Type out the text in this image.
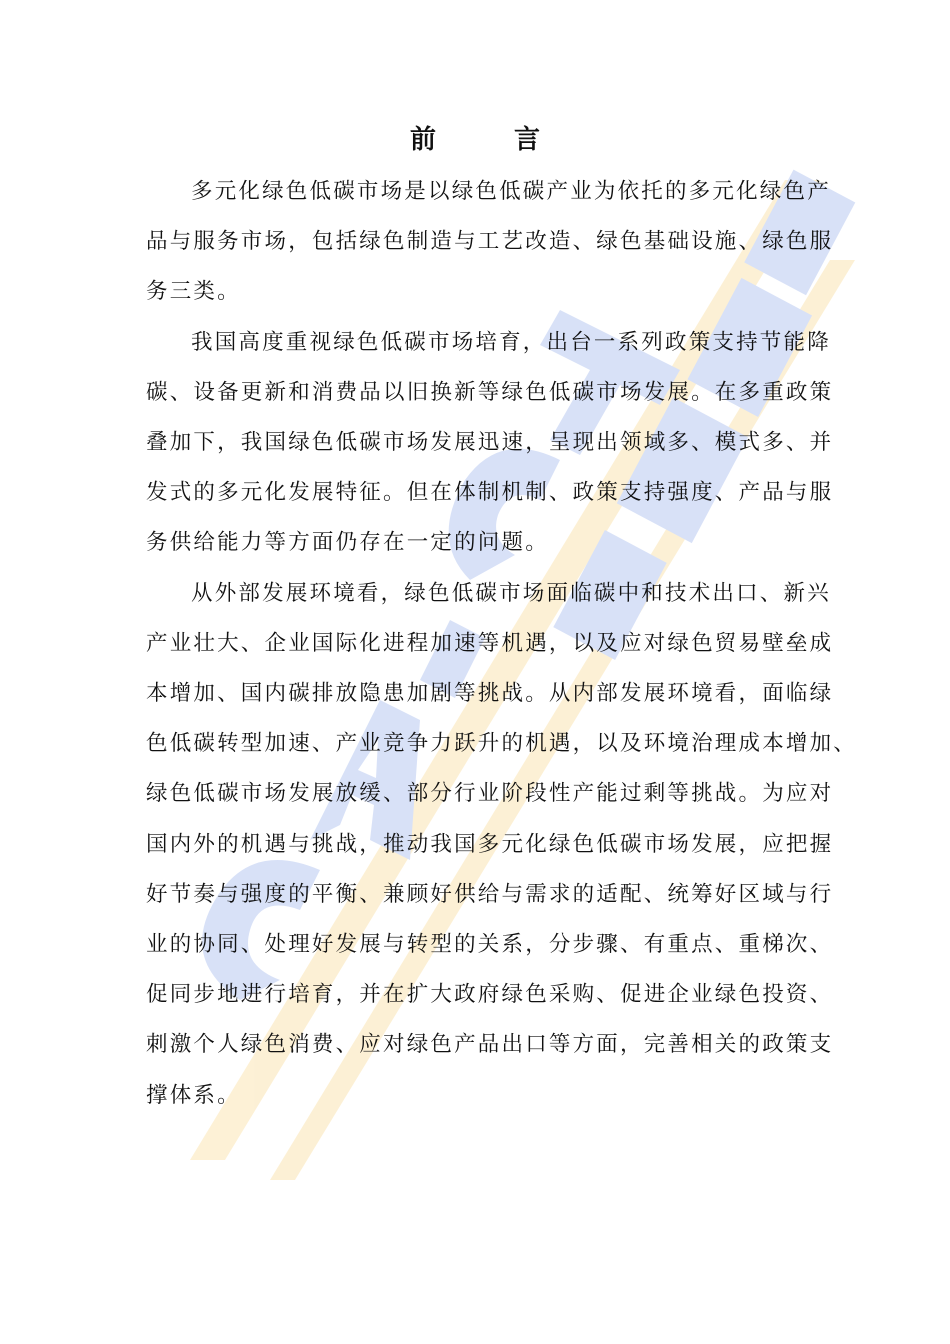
前　言

多元化绿色低碳市场是以绿色低碳产业为依托的多元化绿色产
品与服务市场，包括绿色制造与工艺改造、绿色基础设施、绿色服
务三类。

我国高度重视绿色低碳市场培育，出台一系列政策支持节能降
碳、设备更新和消费品以旧换新等绿色低碳市场发展。在多重政策
叠加下，我国绿色低碳市场发展迅速，呈现出领域多、模式多、并
发式的多元化发展特征。但在体制机制、政策支持强度、产品与服
务供给能力等方面仍存在一定的问题。

从外部发展环境看，绿色低碳市场面临碳中和技术出口、新兴
产业壮大、企业国际化进程加速等机遇，以及应对绿色贸易壁垒成
本增加、国内碳排放隐患加剧等挑战。从内部发展环境看，面临绿
色低碳转型加速、产业竞争力跃升的机遇，以及环境治理成本增加、
绿色低碳市场发展放缓、部分行业阶段性产能过剩等挑战。为应对
国内外的机遇与挑战，推动我国多元化绿色低碳市场发展，应把握
好节奏与强度的平衡、兼顾好供给与需求的适配、统筹好区域与行
业的协同、处理好发展与转型的关系，分步骤、有重点、重梯次、
促同步地进行培育，并在扩大政府绿色采购、促进企业绿色投资、
刺激个人绿色消费、应对绿色产品出口等方面，完善相关的政策支
撑体系。
